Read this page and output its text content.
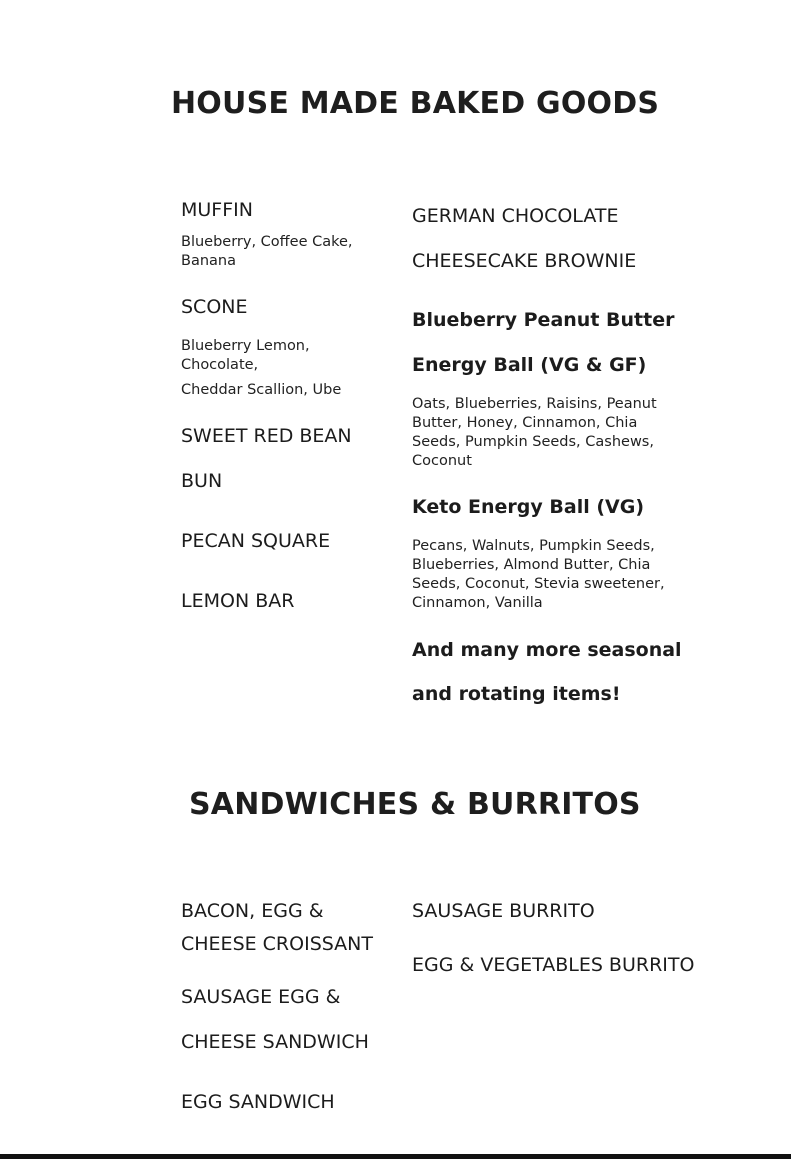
HOUSE MADE BAKED GOODS
MUFFIN
Blueberry, Coffee Cake, Banana
SCONE
Blueberry Lemon, Chocolate,
Cheddar Scallion, Ube
SWEET RED BEAN
BUN
PECAN SQUARE
LEMON BAR
GERMAN CHOCOLATE
CHEESECAKE BROWNIE
Blueberry Peanut Butter
Energy Ball (VG & GF)
Oats, Blueberries, Raisins, Peanut Butter, Honey, Cinnamon, Chia Seeds, Pumpkin Seeds, Cashews, Coconut
Keto Energy Ball (VG)
Pecans, Walnuts, Pumpkin Seeds, Blueberries, Almond Butter, Chia Seeds, Coconut, Stevia sweetener, Cinnamon, Vanilla
And many more seasonal
and rotating items!
SANDWICHES & BURRITOS
BACON, EGG &
CHEESE CROISSANT
SAUSAGE EGG &
CHEESE SANDWICH
EGG SANDWICH
SAUSAGE BURRITO
EGG & VEGETABLES BURRITO
